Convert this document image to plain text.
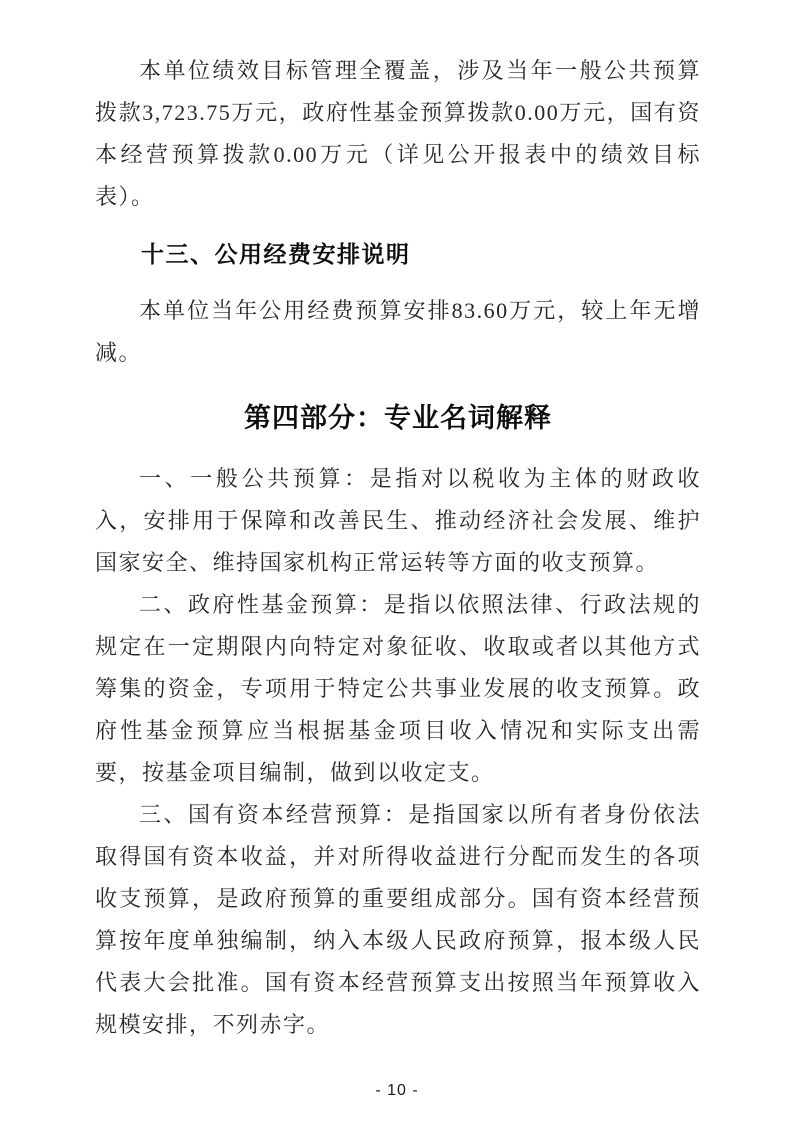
本单位绩效目标管理全覆盖，涉及当年一般公共预算拨款3,723.75万元，政府性基金预算拨款0.00万元，国有资本经营预算拨款0.00万元（详见公开报表中的绩效目标表）。

十三、公用经费安排说明

本单位当年公用经费预算安排83.60万元，较上年无增减。

第四部分：专业名词解释

一、一般公共预算：是指对以税收为主体的财政收入，安排用于保障和改善民生、推动经济社会发展、维护国家安全、维持国家机构正常运转等方面的收支预算。

二、政府性基金预算：是指以依照法律、行政法规的规定在一定期限内向特定对象征收、收取或者以其他方式筹集的资金，专项用于特定公共事业发展的收支预算。政府性基金预算应当根据基金项目收入情况和实际支出需要，按基金项目编制，做到以收定支。

三、国有资本经营预算：是指国家以所有者身份依法取得国有资本收益，并对所得收益进行分配而发生的各项收支预算，是政府预算的重要组成部分。国有资本经营预算按年度单独编制，纳入本级人民政府预算，报本级人民代表大会批准。国有资本经营预算支出按照当年预算收入规模安排，不列赤字。

- 10 -
